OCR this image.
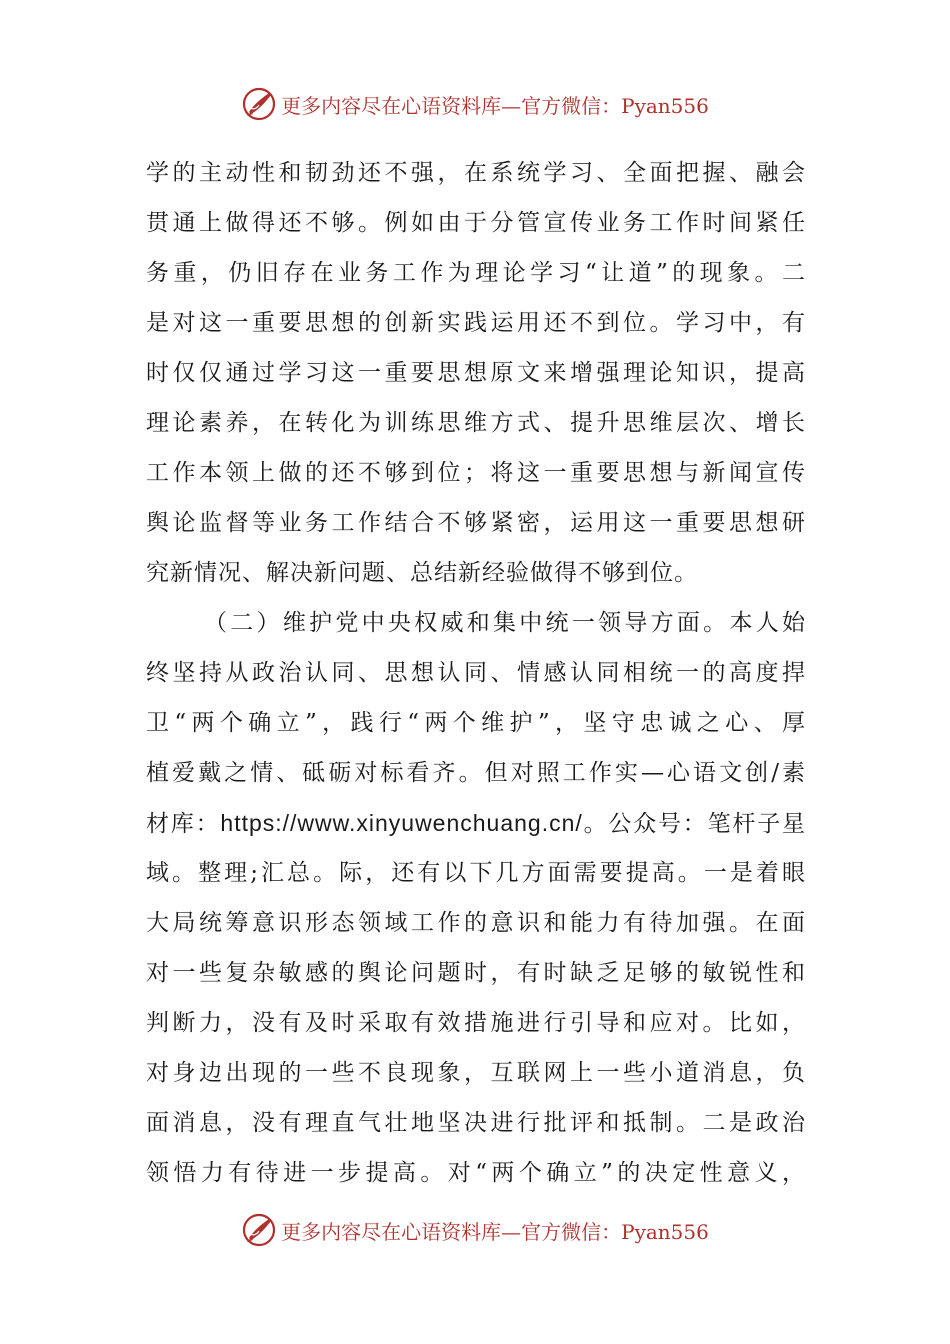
更多内容尽在心语资料库—官方微信：Pyan556
学的主动性和韧劲还不强，在系统学习、全面把握、融会
贯通上做得还不够。例如由于分管宣传业务工作时间紧任
务重，仍旧存在业务工作为理论学习“让道”的现象。二
是对这一重要思想的创新实践运用还不到位。学习中，有
时仅仅通过学习这一重要思想原文来增强理论知识，提高
理论素养，在转化为训练思维方式、提升思维层次、增长
工作本领上做的还不够到位；将这一重要思想与新闻宣传
舆论监督等业务工作结合不够紧密，运用这一重要思想研
究新情况、解决新问题、总结新经验做得不够到位。
（二）维护党中央权威和集中统一领导方面。本人始
终坚持从政治认同、思想认同、情感认同相统一的高度捍
卫“两个确立”，践行“两个维护”，坚守忠诚之心、厚
植爱戴之情、砥砺对标看齐。但对照工作实—心语文创/素
材库：https://www.xinyuwenchuang.cn/。公众号：笔杆子星
域。整理;汇总。际，还有以下几方面需要提高。一是着眼
大局统筹意识形态领域工作的意识和能力有待加强。在面
对一些复杂敏感的舆论问题时，有时缺乏足够的敏锐性和
判断力，没有及时采取有效措施进行引导和应对。比如，
对身边出现的一些不良现象，互联网上一些小道消息，负
面消息，没有理直气壮地坚决进行批评和抵制。二是政治
领悟力有待进一步提高。对“两个确立”的决定性意义，
更多内容尽在心语资料库—官方微信：Pyan556
